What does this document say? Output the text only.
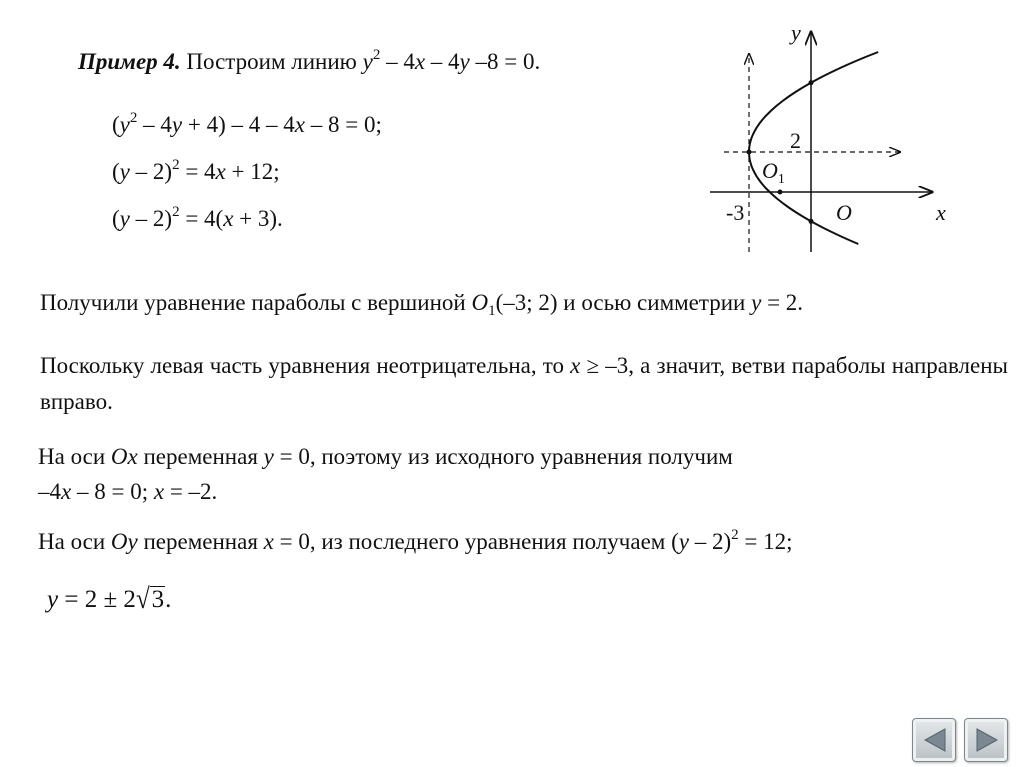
Пример 4. Построим линию $y^2 - 4x - 4y$ –8 = 0.
$(y^2 - 4y + 4) - 4 - 4x - 8 = 0$;
(y – 2)$^2$ = 4x + 12;
(y – 2)$^2$ = 4(x + 3).
y
x
O
2
-3
$O_1$
Получили уравнение параболы с вершиной $O_1(-3$; 2) и осью симметрии y = 2.
Поскольку левая часть уравнения неотрицательна, то x ≥ –3, а значит, ветви параболы направлены вправо.
На оси Ox переменная y = 0, поэтому из исходного уравнения получим
–4x – 8 = 0; x = –2.
На оси Oy переменная x = 0, из последнего уравнения получаем (y – 2)$^2$ = 12;
y = 2 ± 2√3.
